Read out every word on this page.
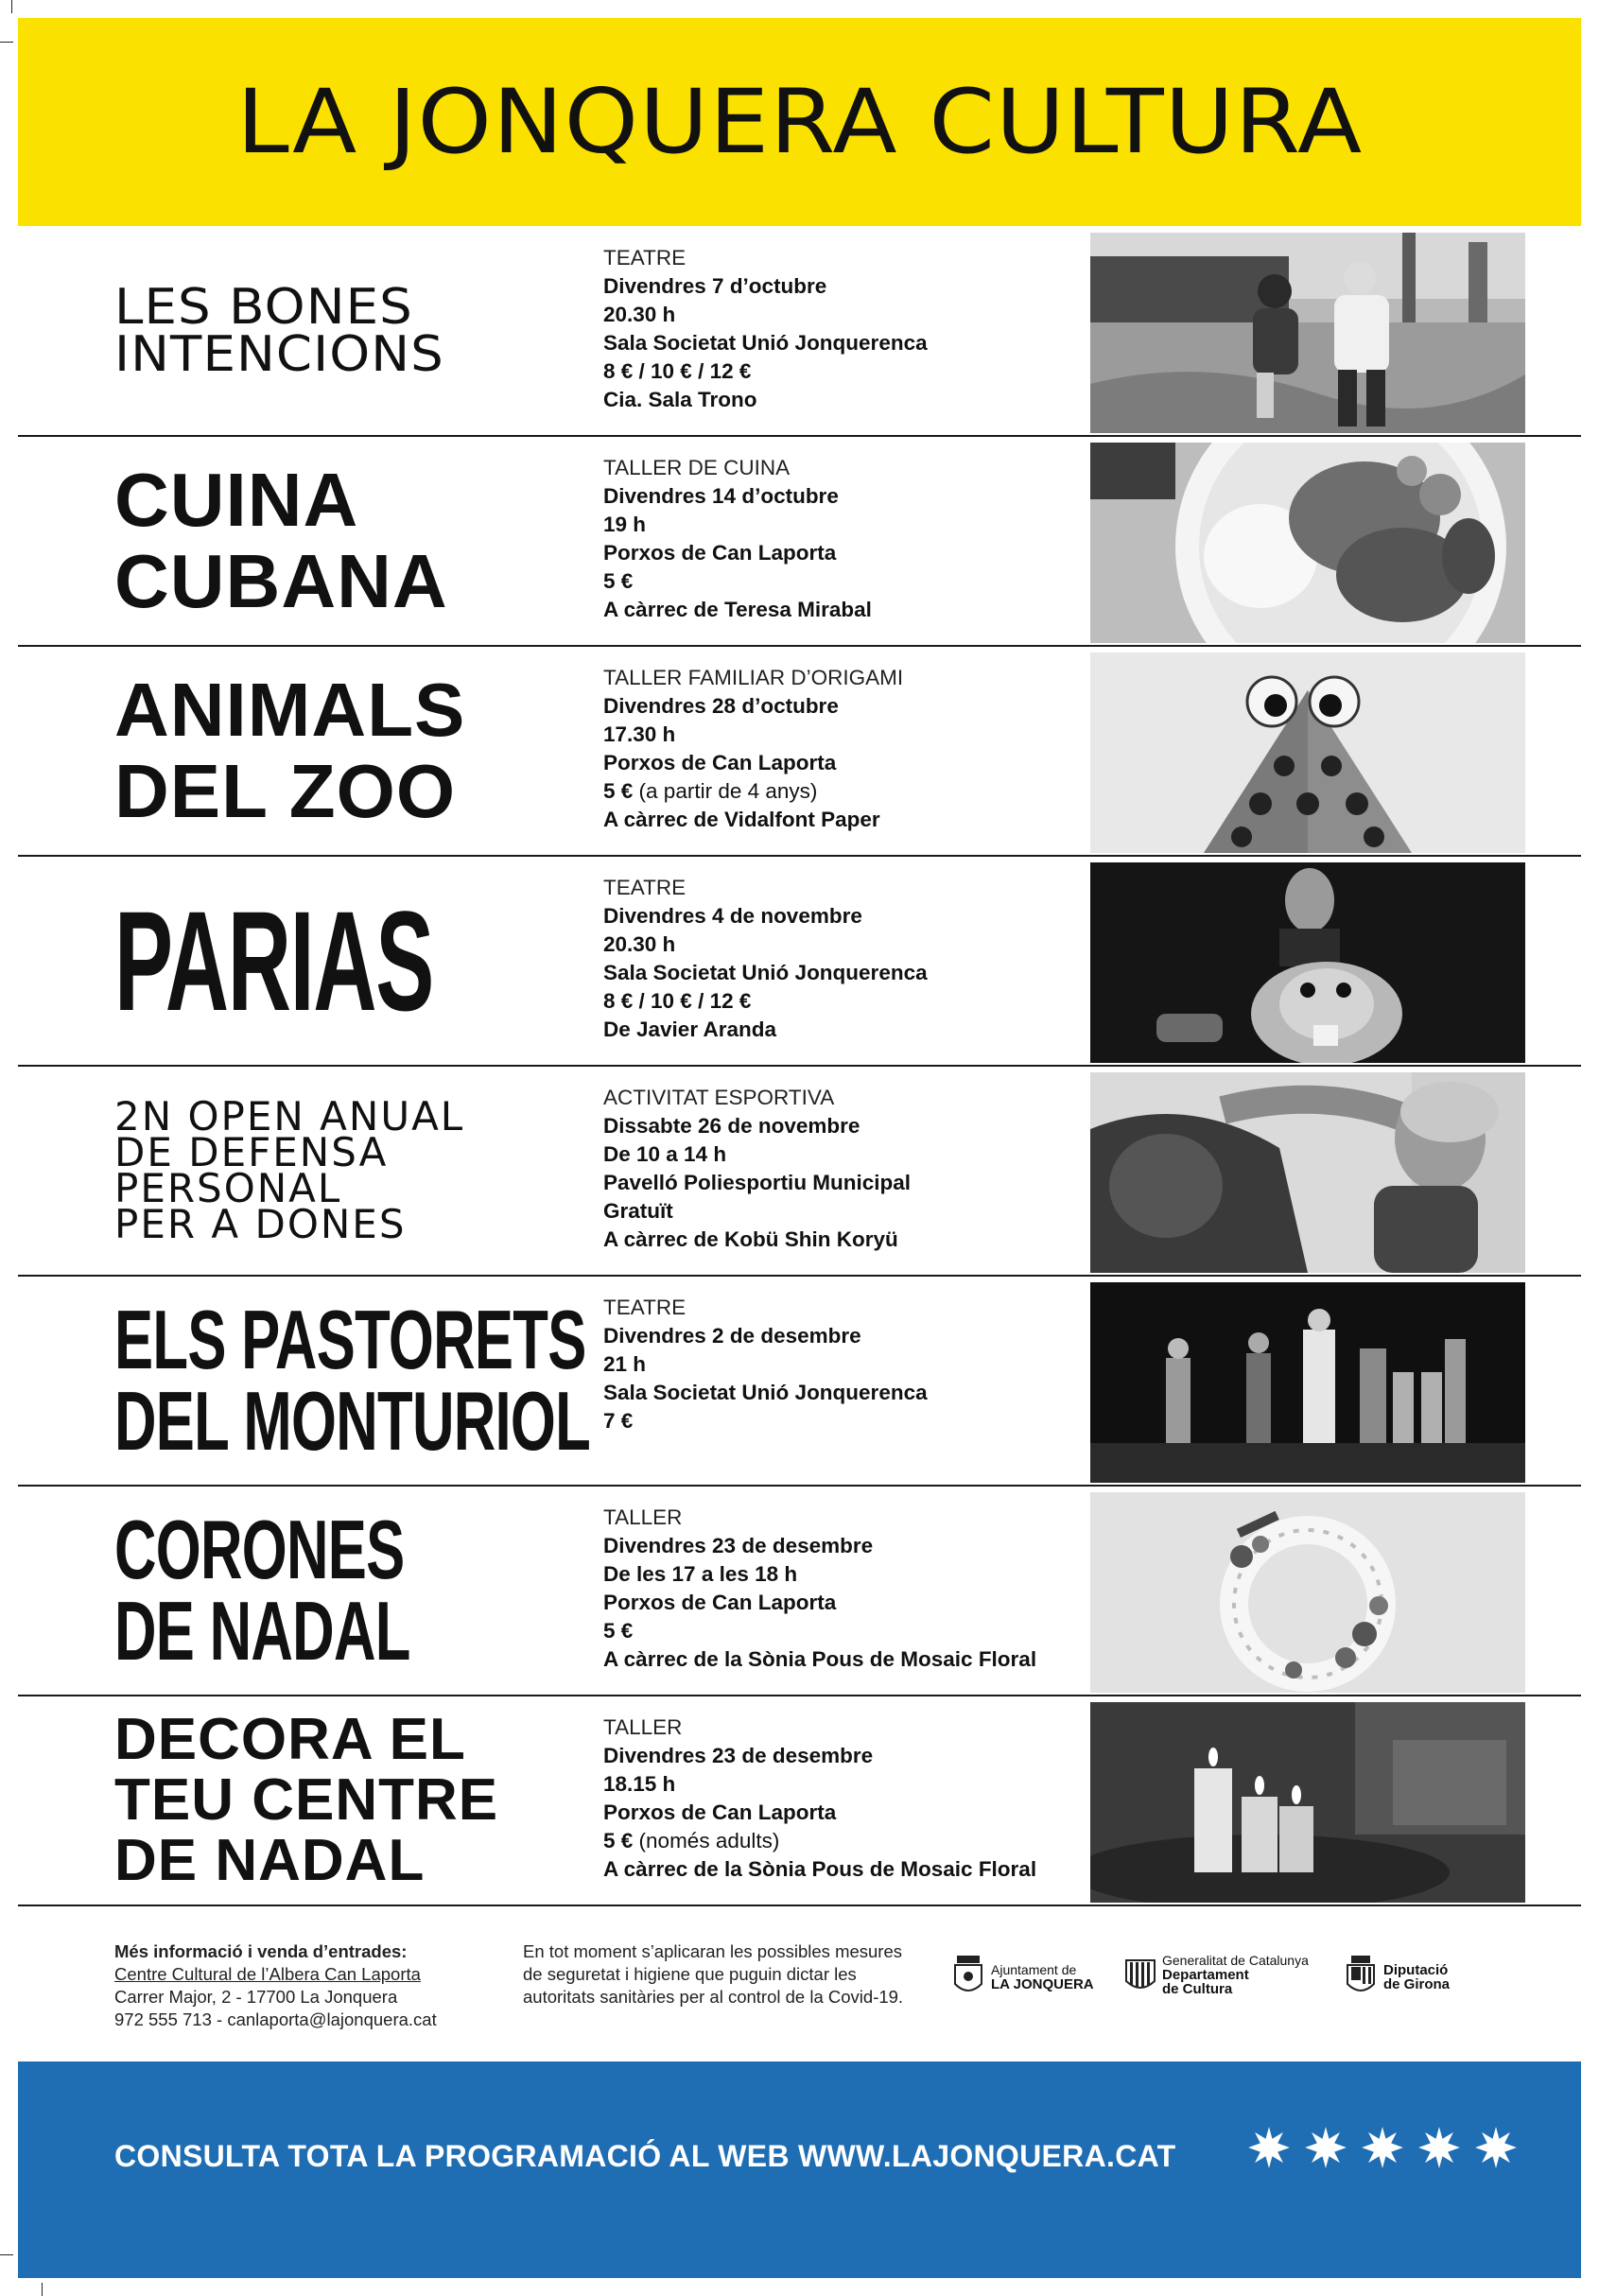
LA JONQUERA CULTURA
LES BONES
INTENCIONS
TEATRE
Divendres 7 d’octubre
20.30 h
Sala Societat Unió Jonquerenca
8 € / 10 € / 12 €
Cia. Sala Trono
CUINA
CUBANA
TALLER DE CUINA
Divendres 14 d’octubre
19 h
Porxos de Can Laporta
5 €
A càrrec de Teresa Mirabal
ANIMALS
DEL ZOO
TALLER FAMILIAR D’ORIGAMI
Divendres 28 d’octubre
17.30 h
Porxos de Can Laporta
5 € (a partir de 4 anys)
A càrrec de Vidalfont Paper
PARIAS	TEATRE
Divendres 4 de novembre
20.30 h
Sala Societat Unió Jonquerenca
8 € / 10 € / 12 €
De Javier Aranda
2N OPEN ANUAL
DE DEFENSA
PERSONAL
PER A DONES
ACTIVITAT ESPORTIVA
Dissabte 26 de novembre
De 10 a 14 h
Pavelló Poliesportiu Municipal
Gratuït
A càrrec de Kobü Shin Koryü
ELS PASTORETS
DEL MONTURIOL
TEATRE
Divendres 2 de desembre
21 h
Sala Societat Unió Jonquerenca
7 €
CORONES
DE NADAL
TALLER
Divendres 23 de desembre
De les 17 a les 18 h
Porxos de Can Laporta
5 €
A càrrec de la Sònia Pous de Mosaic Floral
DECORA EL
TEU CENTRE
DE NADAL
TALLER
Divendres 23 de desembre
18.15 h
Porxos de Can Laporta
5 € (només adults)
A càrrec de la Sònia Pous de Mosaic Floral
Més informació i venda d’entrades:
Centre Cultural de l’Albera Can Laporta
Carrer Major, 2 - 17700 La Jonquera
972 555 713 - canlaporta@lajonquera.cat
En tot moment s’aplicaran les possibles mesures de seguretat i higiene que puguin dictar les autoritats sanitàries per al control de la Covid-19.
Ajuntament de
LA JONQUERA
Generalitat de Catalunya
Departament
de Cultura
Diputació
de Girona
CONSULTA TOTA LA PROGRAMACIÓ AL WEB WWW.LAJONQUERA.CAT
